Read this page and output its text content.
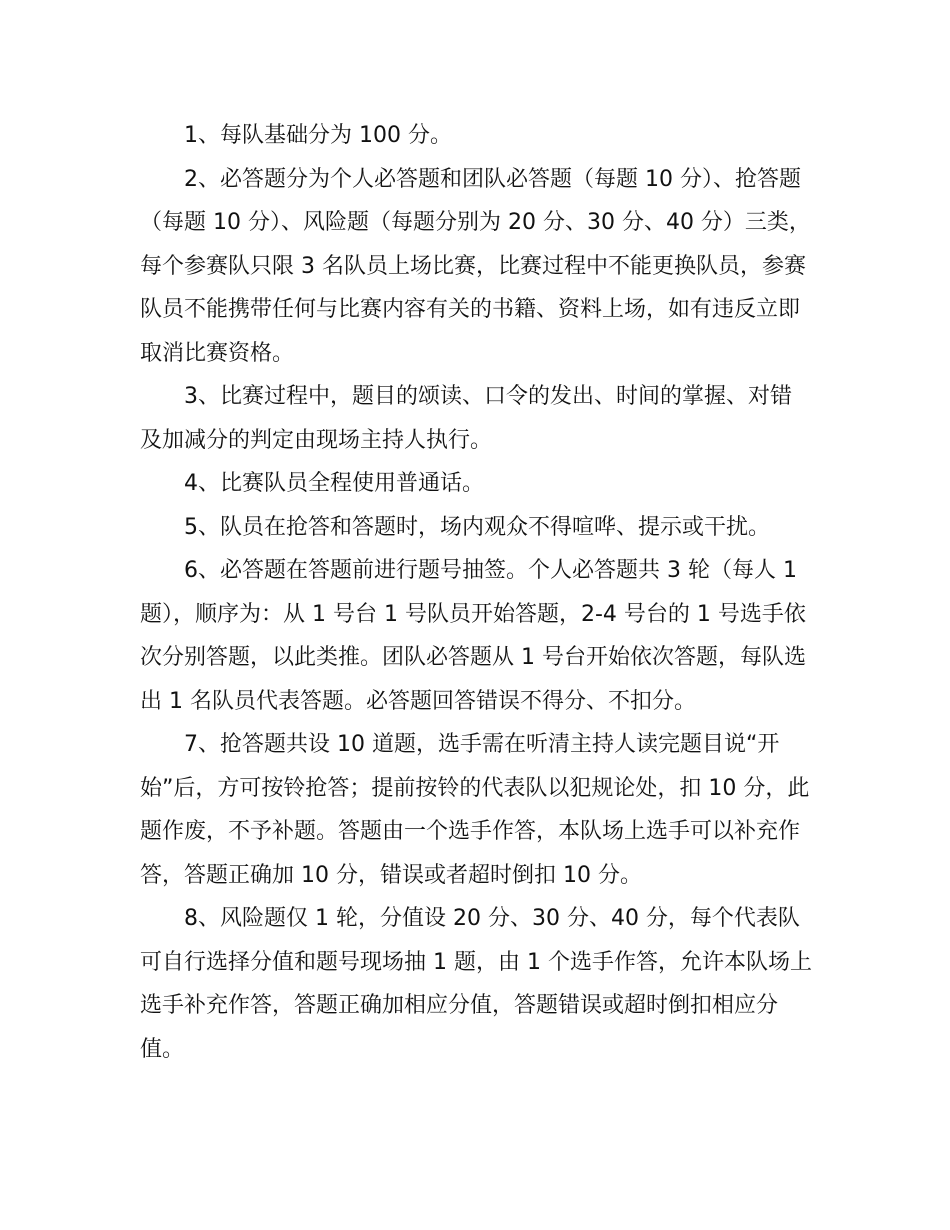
1、每队基础分为 100 分。

2、必答题分为个人必答题和团队必答题（每题 10 分）、抢答题（每题 10 分）、风险题（每题分别为 20 分、30 分、40 分）三类，每个参赛队只限 3 名队员上场比赛，比赛过程中不能更换队员，参赛队员不能携带任何与比赛内容有关的书籍、资料上场，如有违反立即取消比赛资格。

3、比赛过程中，题目的颂读、口令的发出、时间的掌握、对错及加减分的判定由现场主持人执行。

4、比赛队员全程使用普通话。

5、队员在抢答和答题时，场内观众不得喧哗、提示或干扰。

6、必答题在答题前进行题号抽签。个人必答题共 3 轮（每人 1 题），顺序为：从 1 号台 1 号队员开始答题，2-4 号台的 1 号选手依次分别答题，以此类推。团队必答题从 1 号台开始依次答题，每队选出 1 名队员代表答题。必答题回答错误不得分、不扣分。

7、抢答题共设 10 道题，选手需在听清主持人读完题目说“开始”后，方可按铃抢答；提前按铃的代表队以犯规论处，扣 10 分，此题作废，不予补题。答题由一个选手作答，本队场上选手可以补充作答，答题正确加 10 分，错误或者超时倒扣 10 分。

8、风险题仅 1 轮，分值设 20 分、30 分、40 分，每个代表队可自行选择分值和题号现场抽 1 题，由 1 个选手作答，允许本队场上选手补充作答，答题正确加相应分值，答题错误或超时倒扣相应分值。
